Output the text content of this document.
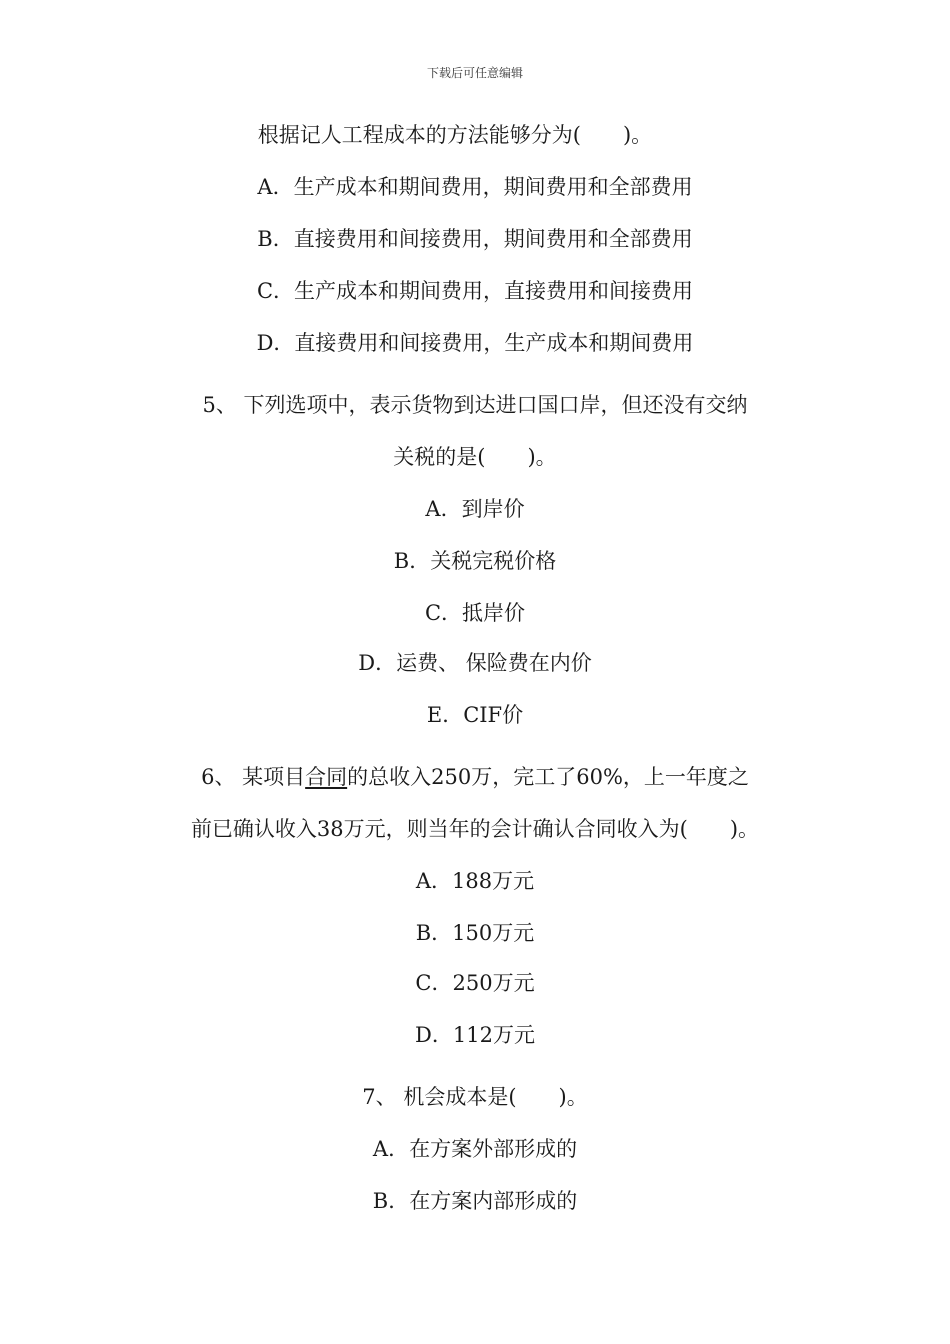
下载后可任意编辑
根据记人工程成本的方法能够分为(　　)。
A．生产成本和期间费用，期间费用和全部费用
B．直接费用和间接费用，期间费用和全部费用
C．生产成本和期间费用，直接费用和间接费用
D．直接费用和间接费用，生产成本和期间费用
5、 下列选项中，表示货物到达进口国口岸，但还没有交纳
关税的是(　　)。
A．到岸价
B．关税完税价格
C．抵岸价
D．运费、 保险费在内价
E．CIF价
6、 某项目合同的总收入250万，完工了60%，上一年度之
前已确认收入38万元，则当年的会计确认合同收入为(　　)。
A．188万元
B．150万元
C．250万元
D．112万元
7、 机会成本是(　　)。
A．在方案外部形成的
B．在方案内部形成的
